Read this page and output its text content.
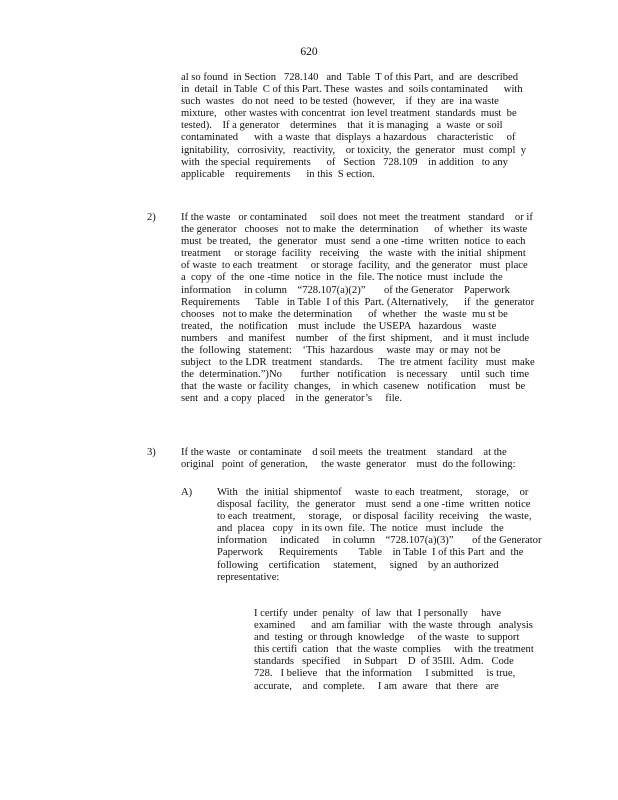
620
al so found  in Section   728.140   and  Table  T of this Part,  and  are  described
in  detail  in Table  C of this Part. These  wastes  and  soils contaminated      with
such  wastes   do not  need  to be tested  (however,    if  they  are  ina waste
mixture,   other wastes with concentrat  ion level treatment  standards  must  be
tested).    If a generator    determines    that  it is managing   a  waste  or soil
contaminated      with  a waste  that  displays  a hazardous    characteristic     of
ignitability,   corrosivity,   reactivity,    or toxicity,  the  generator   must  compl  y
with  the special  requirements      of   Section   728.109    in addition   to any
applicable    requirements      in this  S ection.
2) If the waste   or contaminated     soil does  not meet  the treatment   standard    or if
the generator   chooses   not to make  the  determination      of  whether   its waste
must  be treated,   the  generator   must  send  a one -time  written  notice  to each
treatment     or storage  facility   receiving    the  waste  with  the initial  shipment
of waste  to each  treatment     or storage  facility,  and  the generator   must  place
a  copy  of  the  one -time  notice  in  the  file. The notice  must  include  the
information     in column    “728.107(a)(2)”       of the Generator    Paperwork
Requirements      Table   in Table  I of this  Part. (Alternatively,      if  the  generator
chooses   not to make  the determination      of  whether   the  waste  mu st be
treated,   the  notification    must  include   the USEPA   hazardous    waste
numbers    and  manifest    number    of  the first  shipment,    and  it must  include
the  following   statement:    ‘This  hazardous     waste  may  or may  not be
subject   to the LDR  treatment   standards.      The  tre atment  facility   must  make
the  determination.”)No       further   notification    is necessary     until  such  time
that  the waste  or facility  changes,    in which  casenew   notification     must  be
sent  and  a copy  placed    in the  generator’s     file.
3) If the waste   or contaminate    d soil meets  the  treatment    standard    at the
original   point  of generation,     the waste  generator    must  do the following:
A) With   the  initial  shipmentof     waste  to each  treatment,     storage,    or
disposal  facility,   the  generator    must  send  a one -time  written  notice
to each  treatment,     storage,    or disposal  facility  receiving    the waste,
and  placea   copy   in its own  file.  The  notice   must  include   the
information     indicated     in column    “728.107(a)(3)”       of the Generator
Paperwork      Requirements        Table    in Table  I of this Part  and  the
following    certification     statement,     signed    by an authorized
representative:
I certify  under  penalty   of  law  that  I personally     have
examined      and  am familiar   with  the waste  through   analysis
and  testing  or through  knowledge     of the waste   to support
this certifi  cation   that  the waste  complies     with  the treatment
standards   specified     in Subpart    D  of 35Ill.  Adm.   Code
728.   I believe   that  the information     I submitted     is true,
accurate,    and  complete.     I am  aware   that  there   are
